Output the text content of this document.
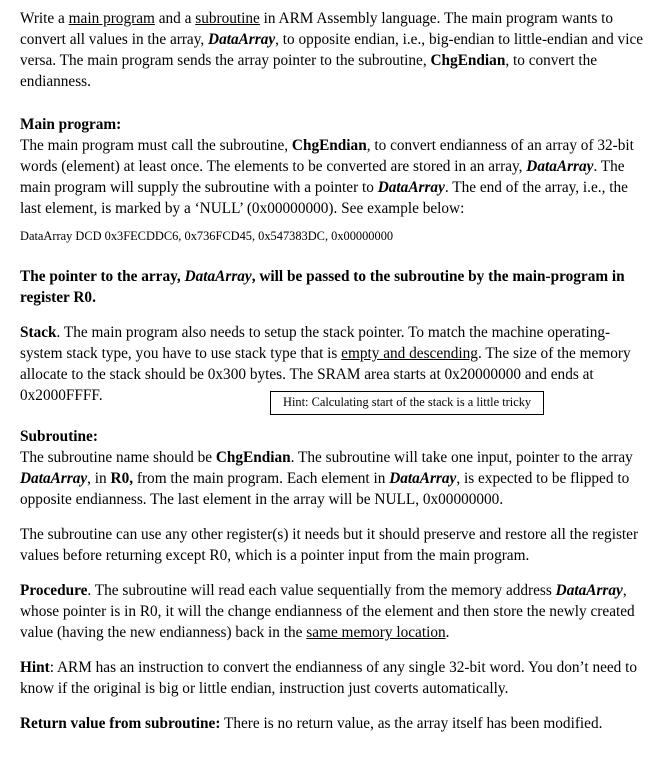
Write a main program and a subroutine in ARM Assembly language. The main program wants to convert all values in the array, DataArray, to opposite endian, i.e., big-endian to little-endian and vice versa. The main program sends the array pointer to the subroutine, ChgEndian, to convert the endianness.

Main program:

The main program must call the subroutine, ChgEndian, to convert endianness of an array of 32-bit words (element) at least once. The elements to be converted are stored in an array, DataArray. The main program will supply the subroutine with a pointer to DataArray. The end of the array, i.e., the last element, is marked by a ‘NULL’ (0x00000000). See example below:

DataArray DCD 0x3FECDDC6, 0x736FCD45, 0x547383DC, 0x00000000

The pointer to the array, DataArray, will be passed to the subroutine by the main-program in register R0.

Stack. The main program also needs to setup the stack pointer. To match the machine operating-system stack type, you have to use stack type that is empty and descending. The size of the memory allocate to the stack should be 0x300 bytes. The SRAM area starts at 0x20000000 and ends at 0x2000FFFF.	Hint: Calculating start of the stack is a little tricky

Subroutine:

The subroutine name should be ChgEndian. The subroutine will take one input, pointer to the array DataArray, in R0, from the main program. Each element in DataArray, is expected to be flipped to opposite endianness. The last element in the array will be NULL, 0x00000000.

The subroutine can use any other register(s) it needs but it should preserve and restore all the register values before returning except R0, which is a pointer input from the main program.

Procedure. The subroutine will read each value sequentially from the memory address DataArray, whose pointer is in R0, it will the change endianness of the element and then store the newly created value (having the new endianness) back in the same memory location.

Hint: ARM has an instruction to convert the endianness of any single 32-bit word. You don’t need to know if the original is big or little endian, instruction just coverts automatically.

Return value from subroutine: There is no return value, as the array itself has been modified.
